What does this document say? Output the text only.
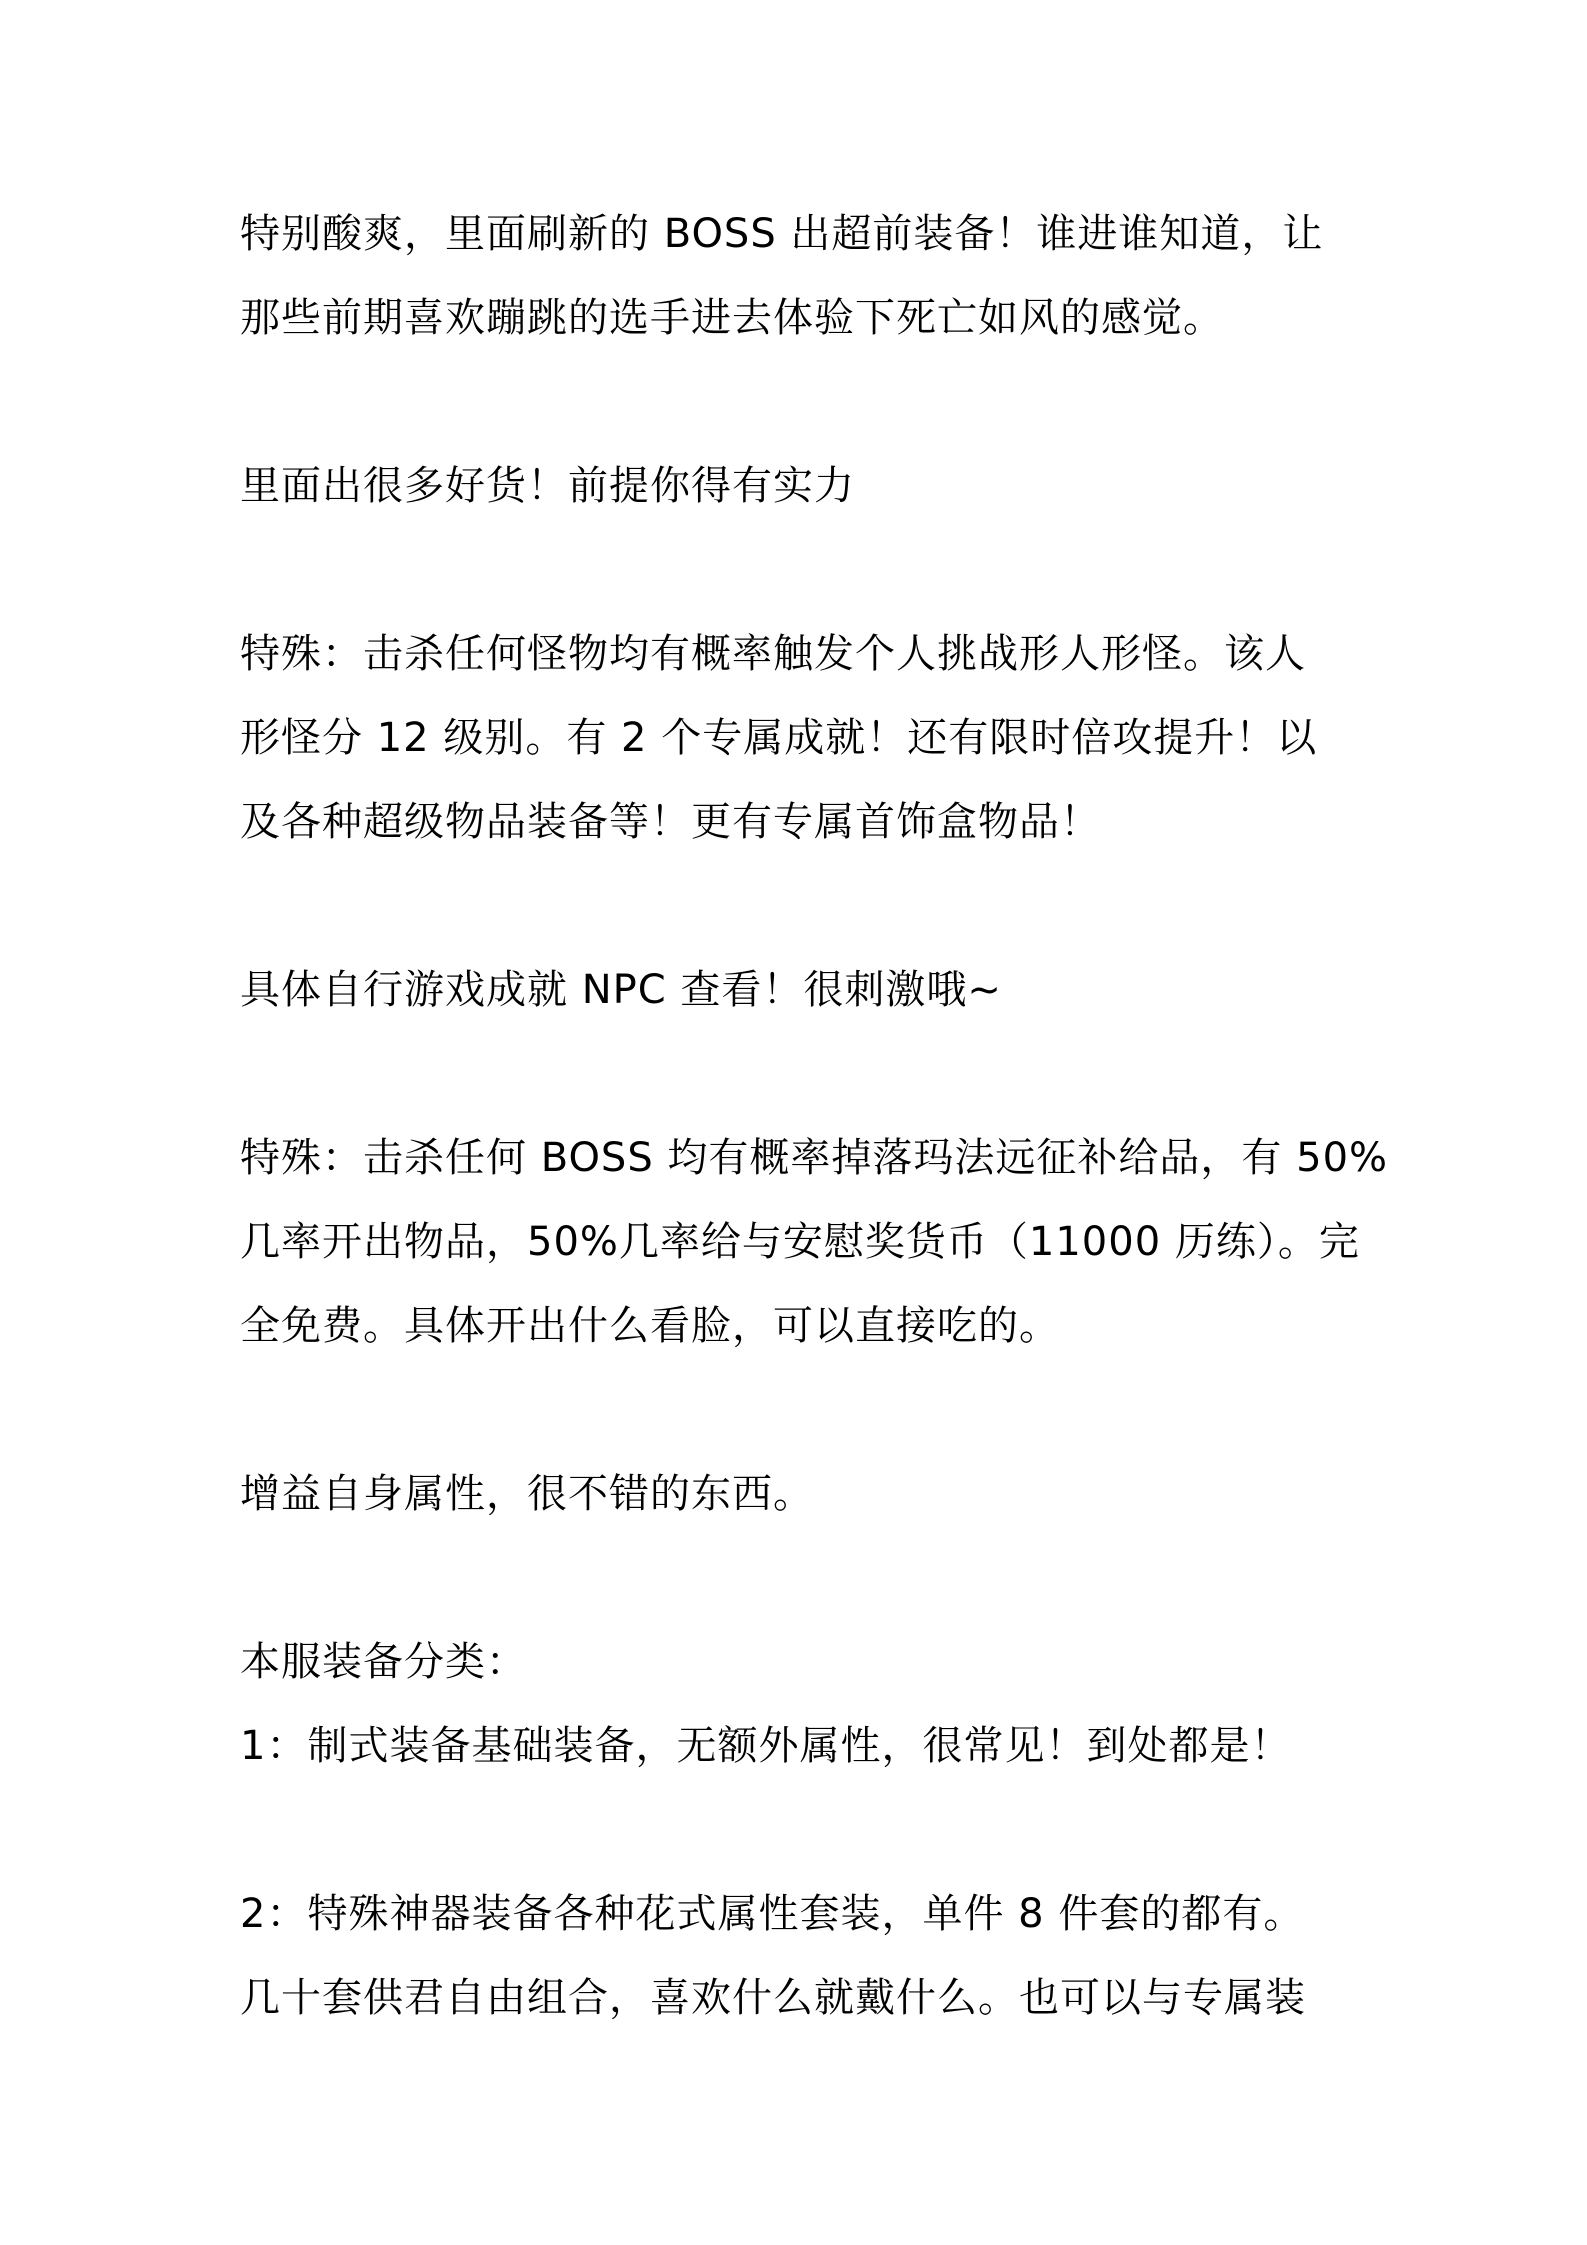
特别酸爽，里面刷新的 BOSS 出超前装备！谁进谁知道，让
那些前期喜欢蹦跳的选手进去体验下死亡如风的感觉。
里面出很多好货！前提你得有实力
特殊：击杀任何怪物均有概率触发个人挑战形人形怪。该人
形怪分 12 级别。有 2 个专属成就！还有限时倍攻提升！以
及各种超级物品装备等！更有专属首饰盒物品！
具体自行游戏成就 NPC 查看！很刺激哦~
特殊：击杀任何 BOSS 均有概率掉落玛法远征补给品，有 50%
几率开出物品，50%几率给与安慰奖货币（11000 历练）。完
全免费。具体开出什么看脸，可以直接吃的。
增益自身属性，很不错的东西。
本服装备分类：
1：制式装备基础装备，无额外属性，很常见！到处都是！
2：特殊神器装备各种花式属性套装，单件 8 件套的都有。
几十套供君自由组合，喜欢什么就戴什么。也可以与专属装
